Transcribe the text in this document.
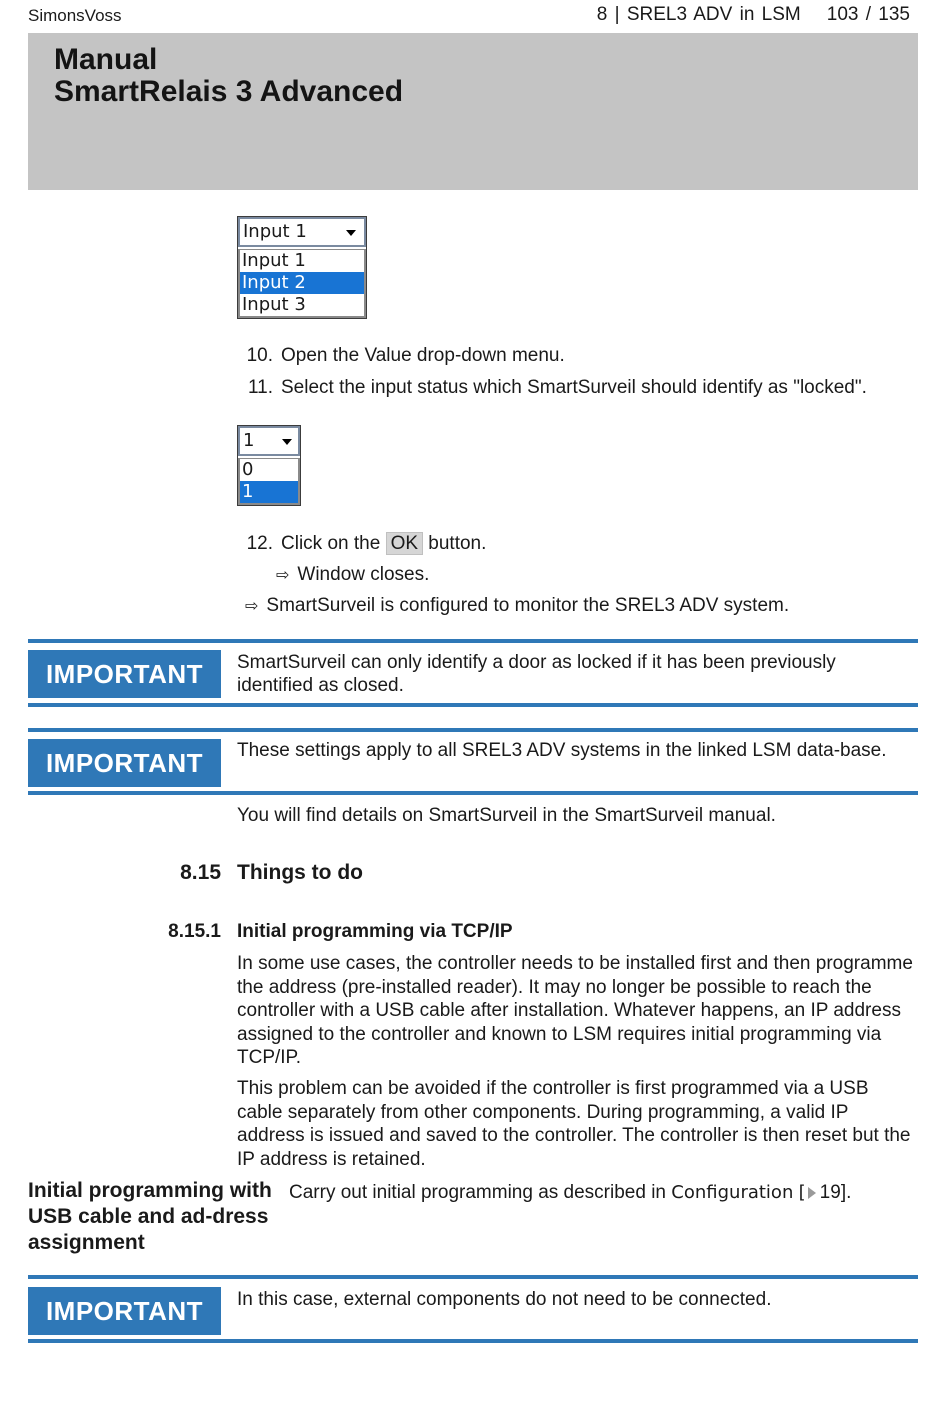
SimonsVoss	8 | SREL3 ADV in LSM 103 / 135
Manual
SmartRelais 3 Advanced
Input 1
Input 1
Input 2
Input 3
10. Open the Value drop-down menu.
11. Select the input status which SmartSurveil should identify as "locked".
1
0
1
12. Click on the OK button.
⇨ Window closes.
⇨ SmartSurveil is configured to monitor the SREL3 ADV system.
IMPORTANT	SmartSurveil can only identify a door as locked if it has been previously identified as closed.
IMPORTANT	These settings apply to all SREL3 ADV systems in the linked LSM data-base.
You will find details on SmartSurveil in the SmartSurveil manual.
8.15 Things to do
8.15.1 Initial programming via TCP/IP
In some use cases, the controller needs to be installed first and then programme the address (pre-installed reader). It may no longer be possible to reach the controller with a USB cable after installation. Whatever happens, an IP address assigned to the controller and known to LSM requires initial programming via TCP/IP.
This problem can be avoided if the controller is first programmed via a USB cable separately from other components. During programming, a valid IP address is issued and saved to the controller. The controller is then reset but the IP address is retained.
Initial programming with USB cable and ad-dress assignment
Carry out initial programming as described in Configuration [ 19].
IMPORTANT	In this case, external components do not need to be connected.
